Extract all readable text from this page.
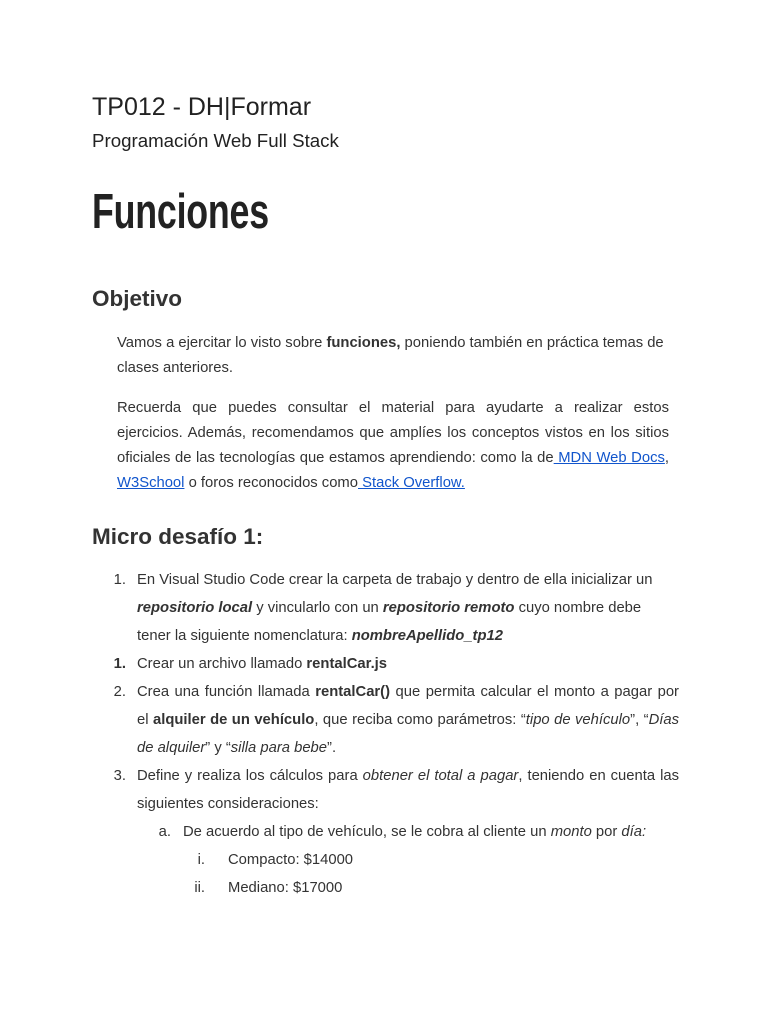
TP012 - DH|Formar
Programación Web Full Stack
Funciones
Objetivo
Vamos a ejercitar lo visto sobre funciones, poniendo también en práctica temas de
clases anteriores.
Recuerda que puedes consultar el material para ayudarte a realizar estos
ejercicios. Además, recomendamos que amplíes los conceptos vistos en los sitios
oficiales de las tecnologías que estamos aprendiendo: como la de MDN Web Docs,
W3School o foros reconocidos como Stack Overflow.
Micro desafío 1:
1. En Visual Studio Code crear la carpeta de trabajo y dentro de ella inicializar un
repositorio local y vincularlo con un repositorio remoto cuyo nombre debe
tener la siguiente nomenclatura: nombreApellido_tp12
1. Crear un archivo llamado rentalCar.js
2. Crea una función llamada rentalCar() que permita calcular el monto a pagar por
el alquiler de un vehículo, que reciba como parámetros: “tipo de vehículo”, “Días
de alquiler” y “silla para bebe”.
3. Define y realiza los cálculos para obtener el total a pagar, teniendo en cuenta las
siguientes consideraciones:
a. De acuerdo al tipo de vehículo, se le cobra al cliente un monto por día:
i. Compacto: $14000
ii. Mediano: $17000
